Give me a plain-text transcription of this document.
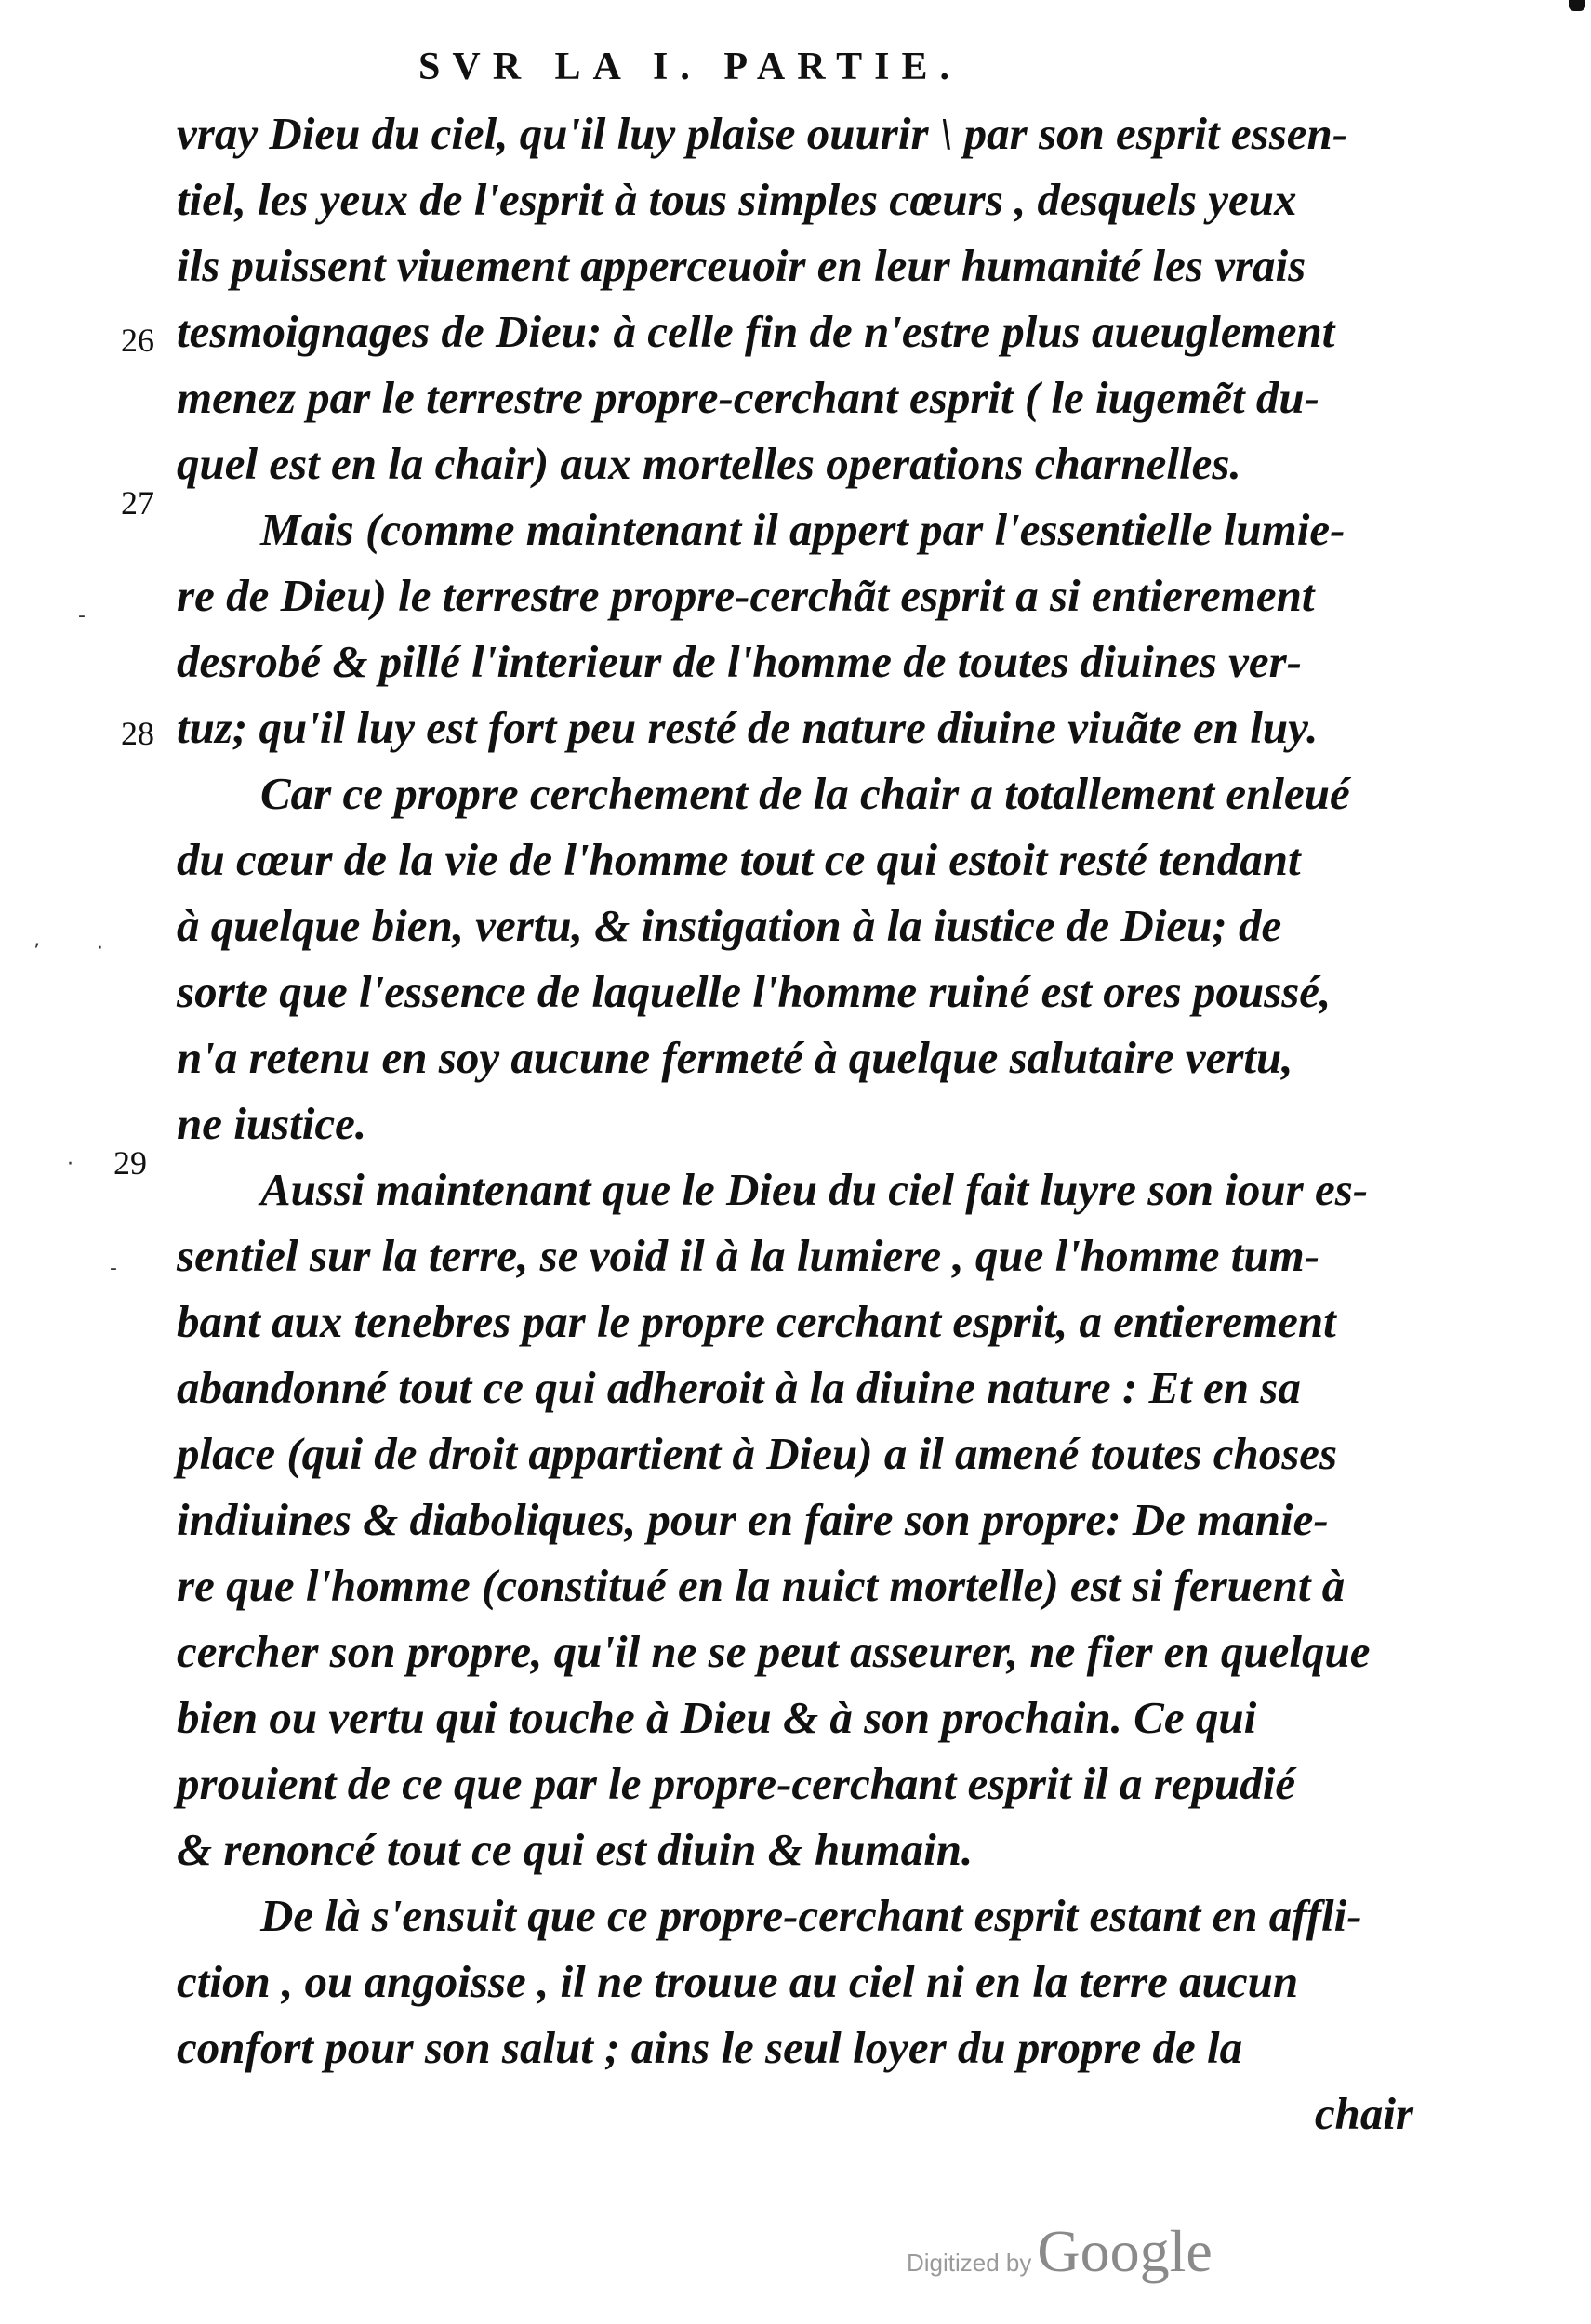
SVR LA I. PARTIE.
26
27
28
29
-
·
’
·
-
vray Dieu du ciel, qu'il luy plaise ouurir \ par son esprit essen-
tiel, les yeux de l'esprit à tous simples cœurs , desquels yeux
ils puissent viuement apperceuoir en leur humanité les vrais
tesmoignages de Dieu: à celle fin de n'estre plus aueuglement
menez par le terrestre propre-cerchant esprit ( le iugemẽt du-
quel est en la chair) aux mortelles operations charnelles.
Mais (comme maintenant il appert par l'essentielle lumie-
re de Dieu) le terrestre propre-cerchãt esprit a si entierement
desrobé & pillé l'interieur de l'homme de toutes diuines ver-
tuz; qu'il luy est fort peu resté de nature diuine viuãte en luy.
Car ce propre cerchement de la chair a totallement enleué
du cœur de la vie de l'homme tout ce qui estoit resté tendant
à quelque bien, vertu, & instigation à la iustice de Dieu; de
sorte que l'essence de laquelle l'homme ruiné est ores poussé,
n'a retenu en soy aucune fermeté à quelque salutaire vertu,
ne iustice.
Aussi maintenant que le Dieu du ciel fait luyre son iour es-
sentiel sur la terre, se void il à la lumiere , que l'homme tum-
bant aux tenebres par le propre cerchant esprit, a entierement
abandonné tout ce qui adheroit à la diuine nature : Et en sa
place (qui de droit appartient à Dieu) a il amené toutes choses
indiuines & diaboliques, pour en faire son propre: De manie-
re que l'homme (constitué en la nuict mortelle) est si feruent à
cercher son propre, qu'il ne se peut asseurer, ne fier en quelque
bien ou vertu qui touche à Dieu & à son prochain. Ce qui
prouient de ce que par le propre-cerchant esprit il a repudié
& renoncé tout ce qui est diuin & humain.
De là s'ensuit que ce propre-cerchant esprit estant en affli-
ction , ou angoisse , il ne trouue au ciel ni en la terre aucun
confort pour son salut ; ains le seul loyer du propre de la
chair
Digitized by Google
